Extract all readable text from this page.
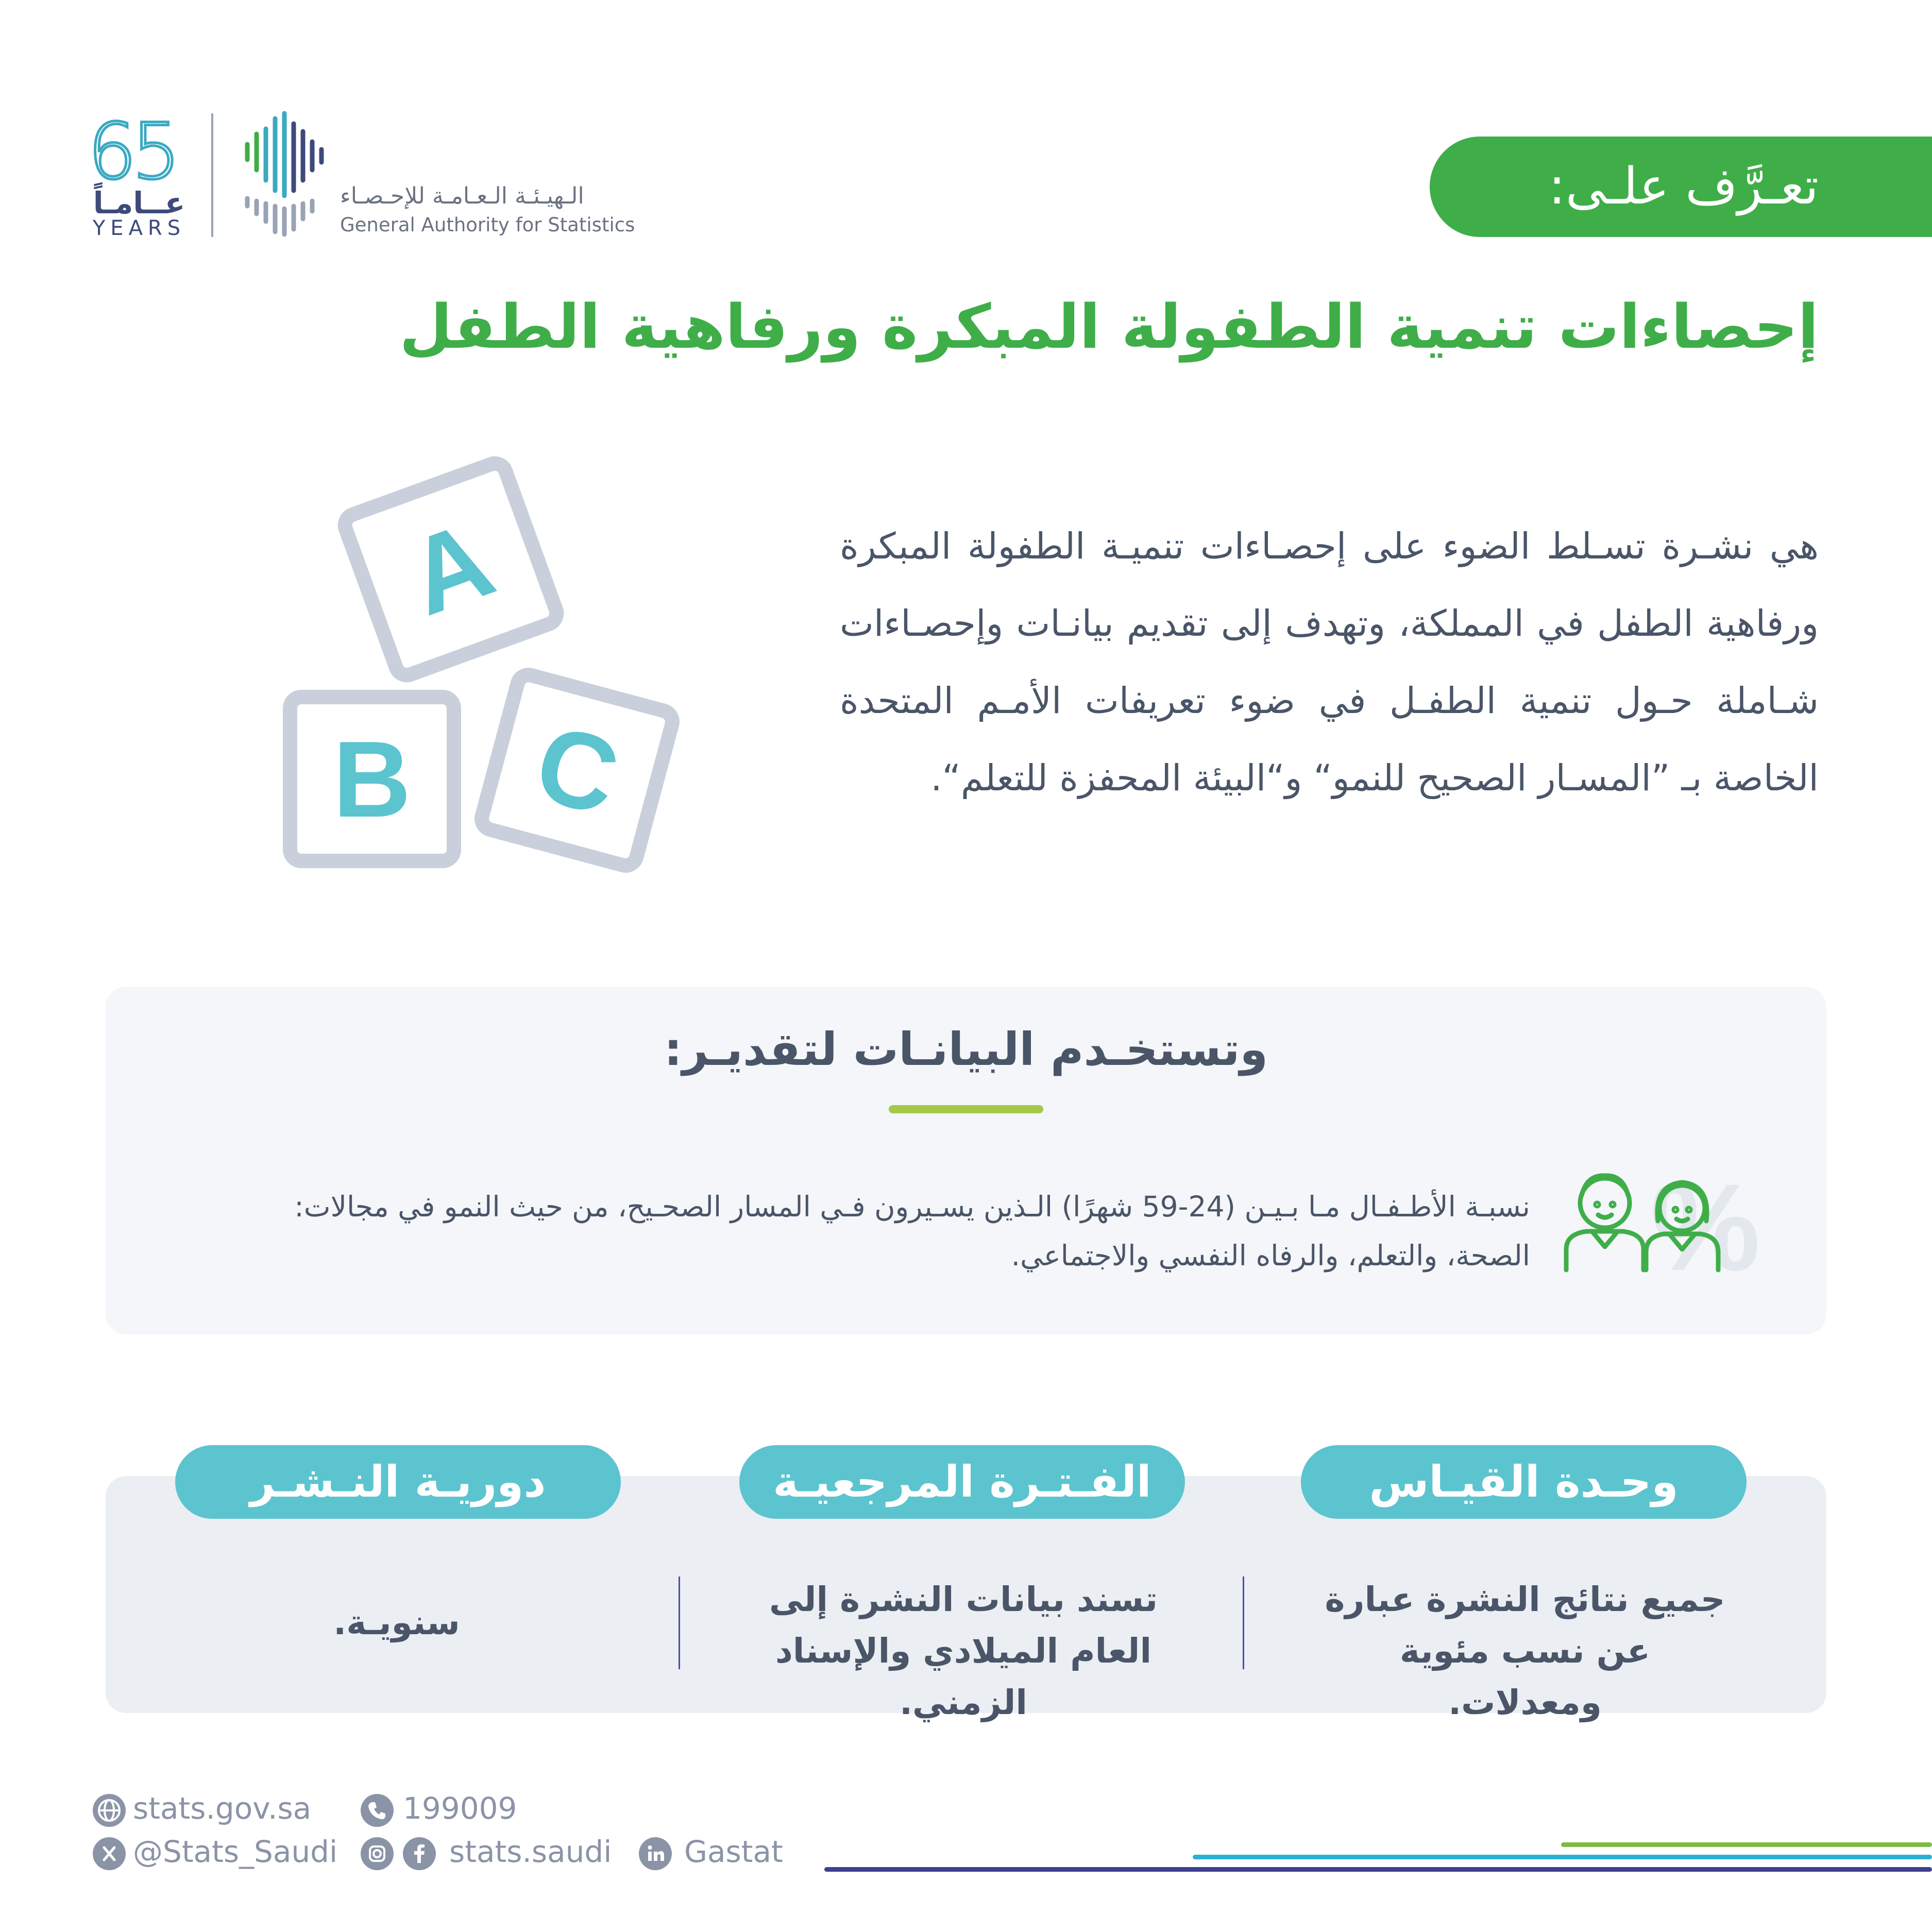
65
عــامـاً
YEARS
الـهيـئـة الـعـامـة للإحـصـاء
General Authority for Statistics
تعـرَّف علـى:
إحصاءات تنمية الطفولة المبكرة ورفاهية الطفل
A
B C
هي نشـرة تسـلط الضوء على إحصـاءات تنميـة الطفولة المبكرة ورفاهية الطفل في المملكة، وتهدف إلى تقديم بيانـات وإحصـاءات شـاملة حـول تنمية الطفـل في ضوء تعريفات الأمـم المتحدة الخاصة بـ ”المسـار الصحيح للنمو“ و“البيئة المحفزة للتعلم“.
وتستخـدم البيانـات لتقديـر:
%
نسبـة الأطـفـال مـا بـيـن (24-59 شهرًا) الـذين يسـيرون فـي المسار الصحـيح، من حيث النمو في مجالات: الصحة، والتعلم، والرفاه النفسي والاجتماعي.
وحـدة القيـاس
الفـتـرة المرجعيـة
دوريـة النـشـر
جميع نتائج النشرة عبارة عن نسب مئوية ومعدلات.
تسند بيانات النشرة إلى العام الميلادي والإسناد الزمني.
سنويـة.
stats.gov.sa	199009
@Stats_Saudi	stats.saudi Gastat
